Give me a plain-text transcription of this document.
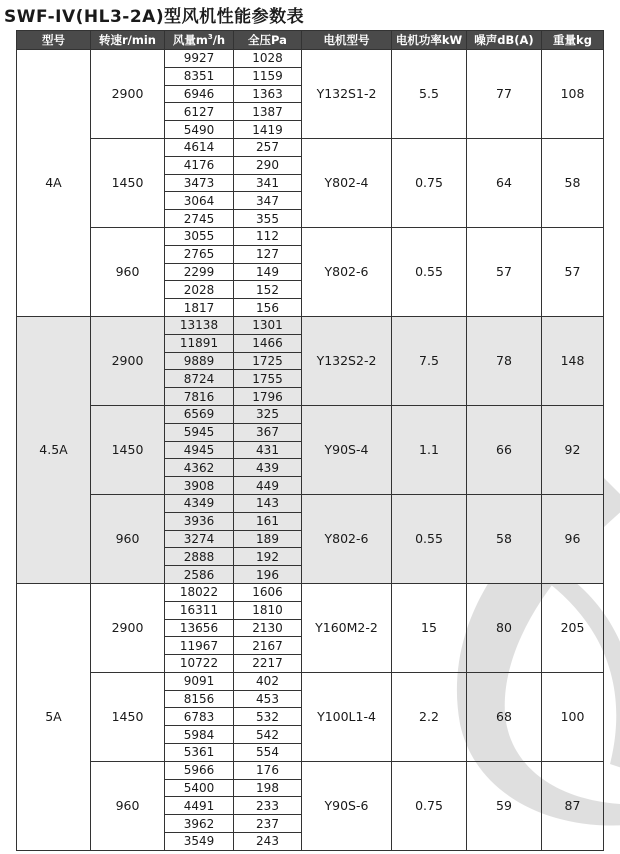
SWF-IV(HL3-2A)型风机性能参数表
型号	转速r/min	风量$m^3/h$	全压Pa	电机型号	电机功率kW	噪声dB(A)	重量kg
4A	2900	9927	1028	Y132S1-2	5.5	77	108
		8351	1159				
		6946	1363				
		6127	1387				
		5490	1419				
	1450	4614	257	Y802-4	0.75	64	58
		4176	290				
		3473	341				
		3064	347				
		2745	355				
	960	3055	112	Y802-6	0.55	57	57
		2765	127				
		2299	149				
		2028	152				
		1817	156				
4.5A	2900	13138	1301	Y132S2-2	7.5	78	148
		11891	1466				
		9889	1725				
		8724	1755				
		7816	1796				
	1450	6569	325	Y90S-4	1.1	66	92
		5945	367				
		4945	431				
		4362	439				
		3908	449				
	960	4349	143	Y802-6	0.55	58	96
		3936	161				
		3274	189				
		2888	192				
		2586	196				
5A	2900	18022	1606	Y160M2-2	15	80	205
		16311	1810				
		13656	2130				
		11967	2167				
		10722	2217				
	1450	9091	402	Y100L1-4	2.2	68	100
		8156	453				
		6783	532				
		5984	542				
		5361	554				
	960	5966	176	Y90S-6	0.75	59	87
		5400	198				
		4491	233				
		3962	237				
		3549	243				
